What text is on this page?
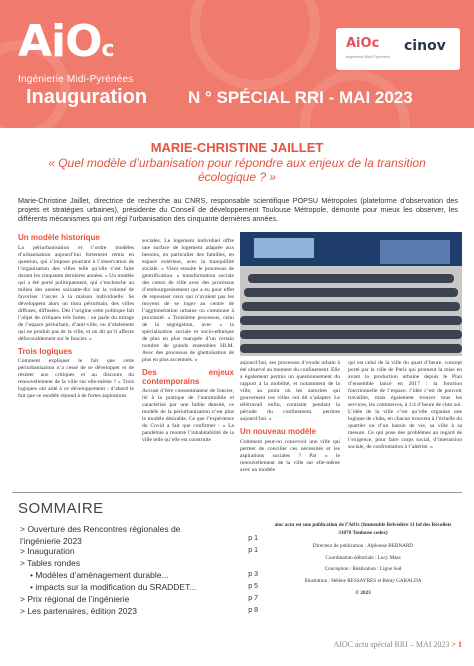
AiOc
Ingénierie Midi-Pyrénées
AiOc
Ingénierie Midi-Pyrénées
cinov
Inauguration N ° SPÉCIAL RRI - MAI 2023
MARIE-CHRISTINE JAILLET
« Quel modèle d’urbanisation pour répondre aux enjeux de la transition écologique ? »
Marie-Christine Jaillet, directrice de recherche au CNRS, responsable scientifique POPSU Métropoles (plateforme d’observation des projets et stratégies urbaines), présidente du Conseil de développement Toulouse Métropole, démonte pour mieux les observer, les différents mécanismes qui ont régi l’urbanisation des cinquante dernières années.
Un modèle historique

La périurbanisation et l’ordre modèles d’urbanisation aujourd’hui fortement remis en question, qui s’impose pourtant à l’observation de l’organisation des villes telle qu’elle s’est faite durant les cinquante dernières années. « Un modèle qui a été porté politiquement, qui s’enclenche au milieu des années soixante-dix sur la volonté de favoriser l’accès à la maison individuelle. Se développent alors un tissu périurbain, des villes diffuses, diffusées. Dès l’origine cette politique fait l’objet de critiques très fortes : on parle du mitage de l’espace périurbain, d’anti-ville, ou d’étalement qui ne produit pas de la ville, et on dit qu’il affecte défavorablement sur le foncier. »

Trois logiques

Comment expliquer le fait que cette périurbanisation n’a cessé de se développer et de résister aux critiques et au discours du renouvellement de la ville sur elle-même ? « Trois logiques ont aidé à ce développement : d’abord le fait que ce modèle répond à de fortes aspirations

sociales. Le logement individuel offre une surface de logement adaptée aux besoins, en particulier des familles, en espace extérieur, avec la tranquillité sociale. » Vient ensuite le processus de gentrification. « transformation sociale des cœurs de ville avec des processus d’embourgeoisement qui a eu pour effet de repousser ceux qui n’avaient pas les moyens de se loger au centre de l’agglomération urbaine ou commune à proximité. » Troisième processus, celui de la ségrégation, avec « la spécialisation sociale et socio-ethnique de plus en plus marquée d’un certain nombre de grands ensembles HLM. Avec des processus de ghettoïsation de plus en plus accentués. »

Des enjeux contemporains

Accusé d’être consommateur de foncier, lié à la pratique de l’automobile et caractérisé par une faible densité, ce modèle de la périurbanisation n’est plus le modèle désirable. Ce que l’expérience du Covid a fait que confirmer : « La pandémie a montré l’inhabitabilité de la ville telle qu’elle est construite

aujourd’hui, ses processus d’exode urbain à été observé au moment du confinement. Elle a également permis un questionnement du rapport à la mobilité, et notamment de la ville, au point où les autorités qui gouvernent ces villes ont dû s’adapter. Le télétravail enfin, contraint pendant la période du confinement, perdure aujourd’hui. »

Un nouveau modèle

Comment peut-on concevoir une ville qui permet de concilier ces nécessités et les aspirations sociales ? Par « le renouvellement de la ville sur elle-même avec un modèle

qui est celui de la ville du quart d’heure, concept porté par la ville de Paris qui promeut la mise en avant la production urbaine depuis le Plan d’ensemble lancé en 2017 : la fonction fonctionnelle de l’espace. l’idée c’est de pouvoir travailler, mais également trouver tous les services, les commerces, à 1/4 d’heure de chez soi. L’idée de la ville c’est qu’elle organise une logique de clubs, en chacun trouvera à l’échelle du quartier ou d’un bassin de vie, sa ville à sa mesure. Ce qui pose des problèmes au regard de l’exigence, pour faire corps social, d’interaction sociale, de confrontation à l’altérité. »

SOMMAIRE
> Ouverture des Rencontres régionales de l’ingénierie 2023	p 1
> Inauguration	p 1
> Tables rondes
• Modèles d’aménagement durable...	p 3
• impacts sur la modification du SRADDET...	p 5
> Prix régional de l’ingénierie	p 7
> Les partenaires, édition 2023	p 8
aioc actu est une publication de l’AiOc (Immeuble Belvédère 11 bd des Récollets 31078 Toulouse cedex)
Directeur de publication : Alphonse BERNARD
Coordination éditoriale : Lucy Mass
Conception / Réalisation : Ligue Sud
Illustration : Hélène RESSAYRES et Rémy GABALDA
© 2023
AIOC actu spécial RRI – MAI 2023 > 1
